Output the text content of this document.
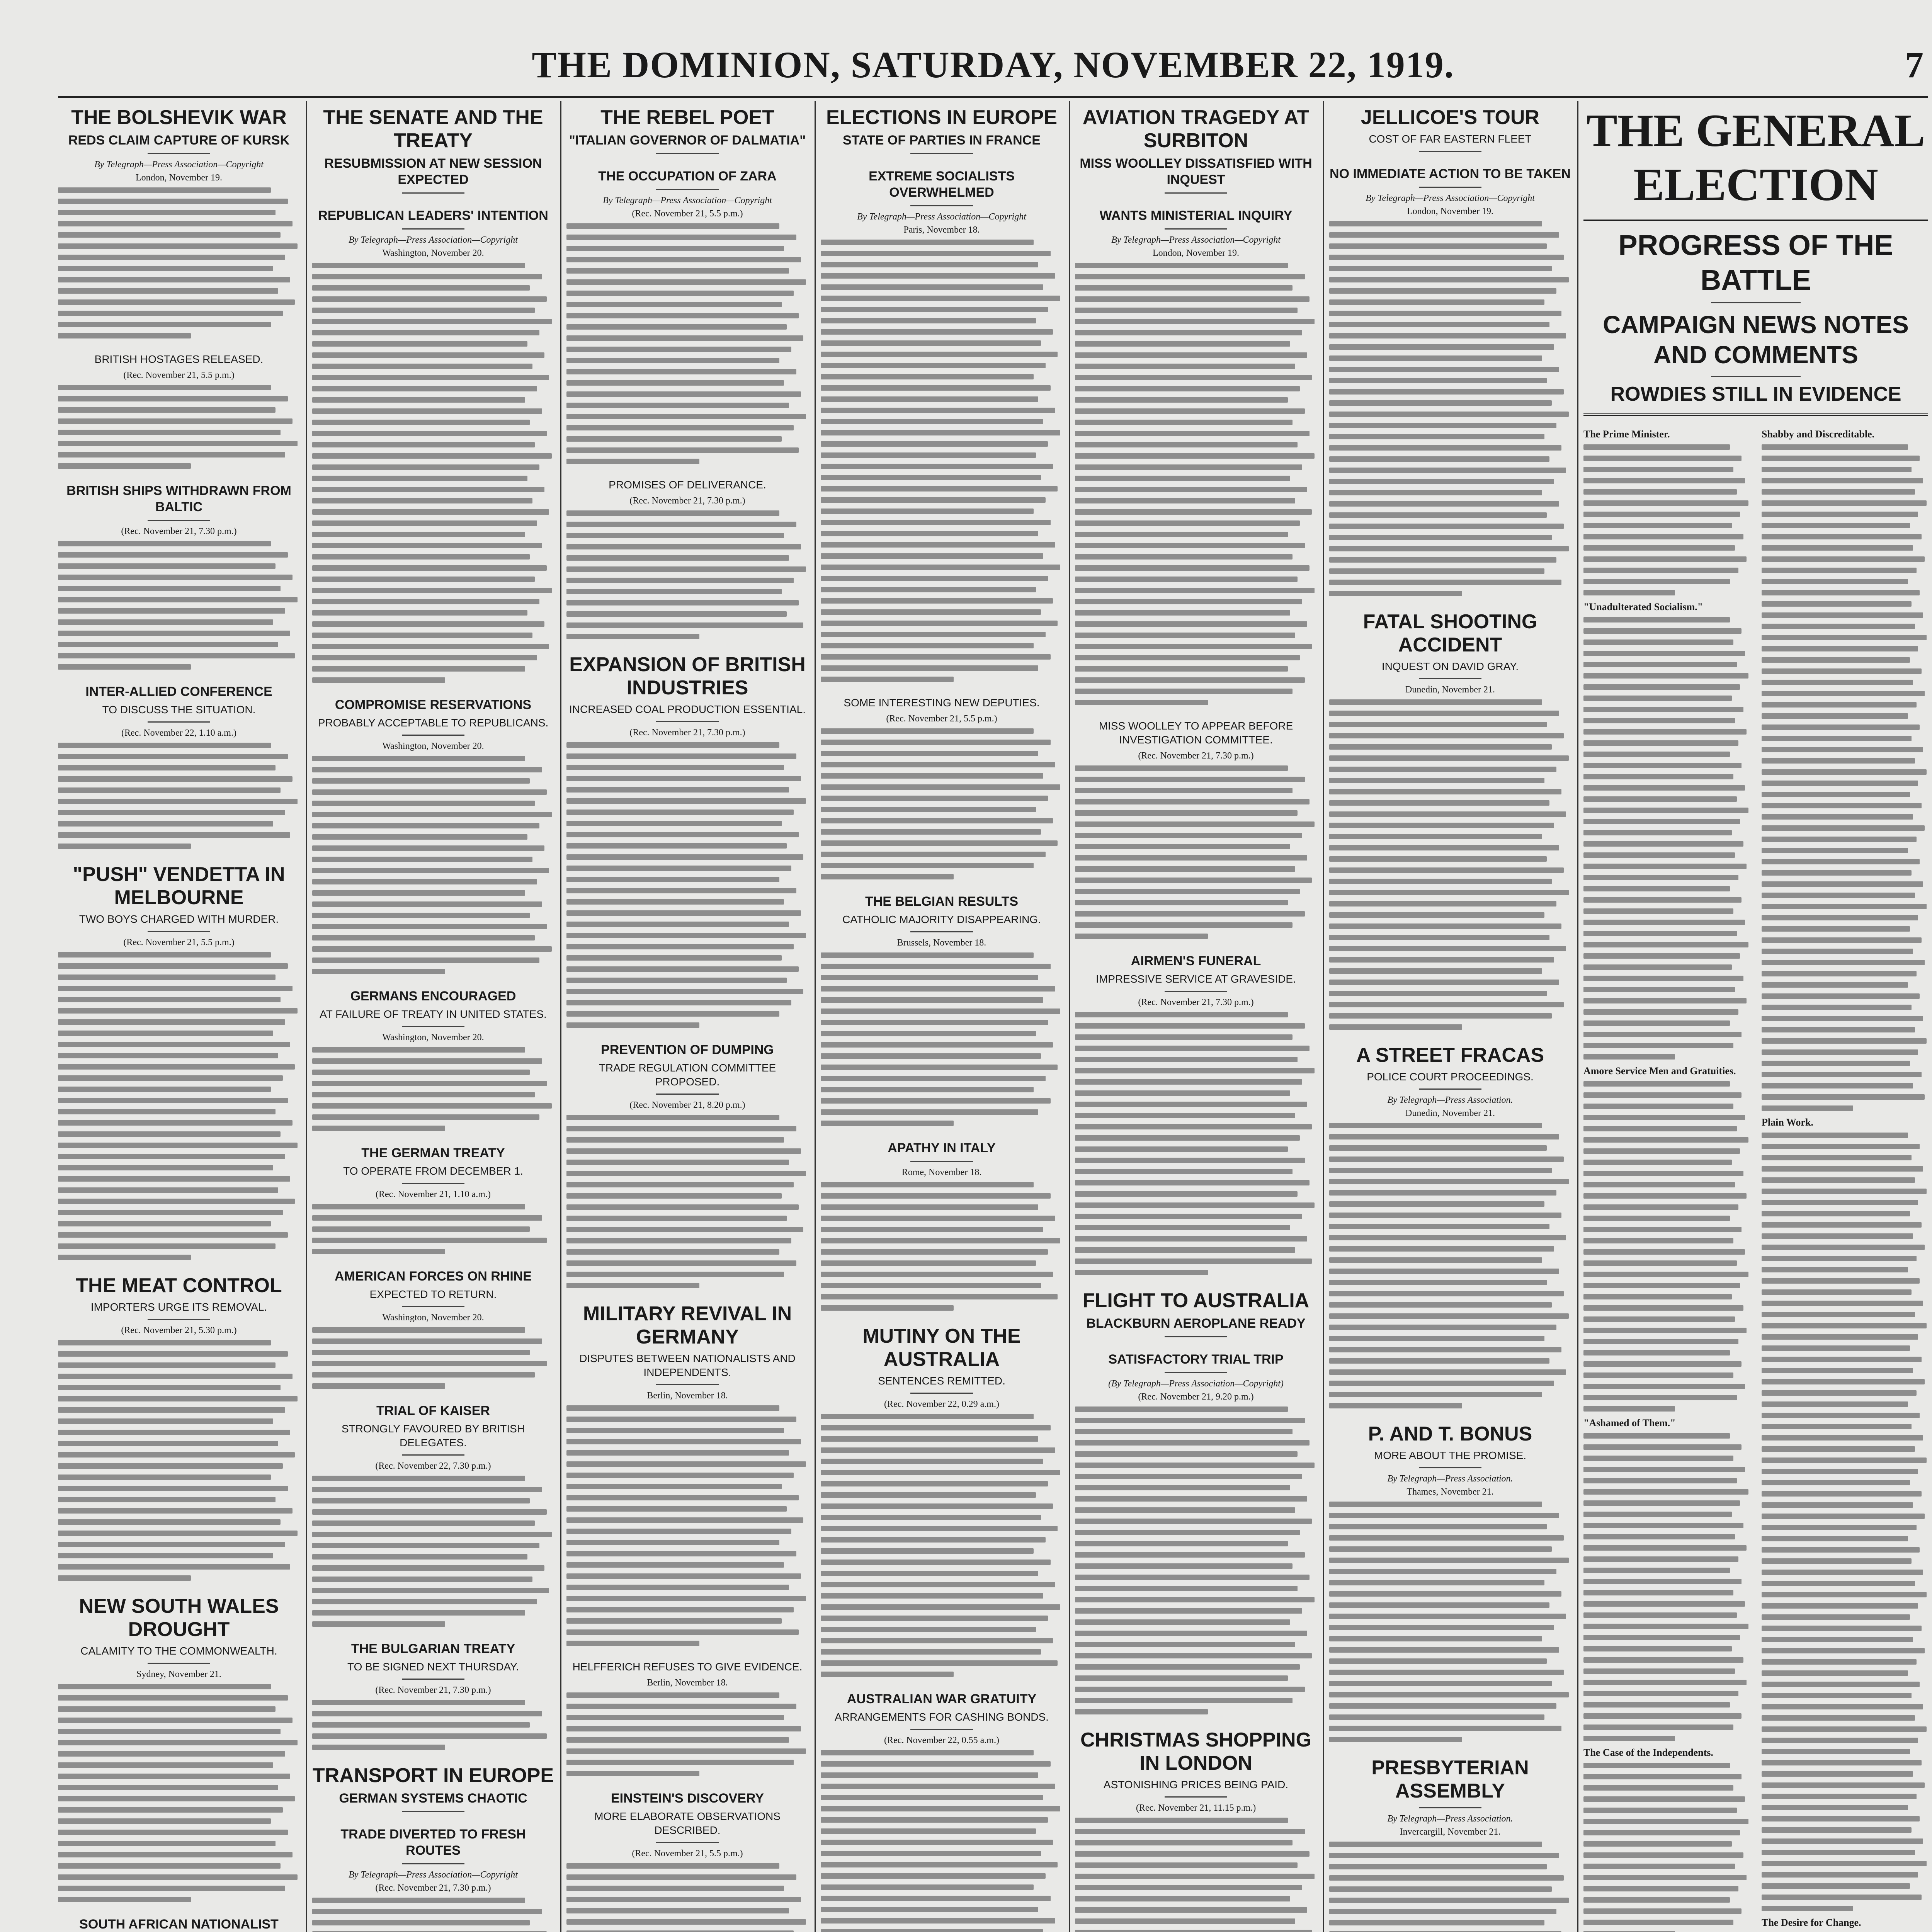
THE DOMINION, SATURDAY, NOVEMBER 22, 1919.	7
THE BOLSHEVIK WAR
REDS CLAIM CAPTURE OF KURSK
By Telegraph—Press Association—Copyright
London, November 19.
BRITISH HOSTAGES RELEASED.
(Rec. November 21, 5.5 p.m.)
BRITISH SHIPS WITHDRAWN FROM BALTIC
(Rec. November 21, 7.30 p.m.)
INTER-ALLIED CONFERENCE
TO DISCUSS THE SITUATION.
(Rec. November 22, 1.10 a.m.)
"PUSH" VENDETTA IN MELBOURNE
TWO BOYS CHARGED WITH MURDER.
(Rec. November 21, 5.5 p.m.)
THE MEAT CONTROL
IMPORTERS URGE ITS REMOVAL.
(Rec. November 21, 5.30 p.m.)
NEW SOUTH WALES DROUGHT
CALAMITY TO THE COMMONWEALTH.
Sydney, November 21.
SOUTH AFRICAN NATIONALIST
THE SENATE AND THE TREATY
RESUBMISSION AT NEW SESSION EXPECTED
REPUBLICAN LEADERS' INTENTION
By Telegraph—Press Association—Copyright
Washington, November 20.
COMPROMISE RESERVATIONS
PROBABLY ACCEPTABLE TO REPUBLICANS.
Washington, November 20.
GERMANS ENCOURAGED
AT FAILURE OF TREATY IN UNITED STATES.
Washington, November 20.
THE GERMAN TREATY
TO OPERATE FROM DECEMBER 1.
(Rec. November 21, 1.10 a.m.)
AMERICAN FORCES ON RHINE
EXPECTED TO RETURN.
Washington, November 20.
TRIAL OF KAISER
STRONGLY FAVOURED BY BRITISH DELEGATES.
(Rec. November 22, 7.30 p.m.)
THE BULGARIAN TREATY
TO BE SIGNED NEXT THURSDAY.
(Rec. November 21, 7.30 p.m.)
TRANSPORT IN EUROPE
GERMAN SYSTEMS CHAOTIC
TRADE DIVERTED TO FRESH ROUTES
By Telegraph—Press Association—Copyright
(Rec. November 21, 7.30 p.m.)
THE REBEL POET
"ITALIAN GOVERNOR OF DALMATIA"
THE OCCUPATION OF ZARA
By Telegraph—Press Association—Copyright
(Rec. November 21, 5.5 p.m.)
PROMISES OF DELIVERANCE.
(Rec. November 21, 7.30 p.m.)
EXPANSION OF BRITISH INDUSTRIES
INCREASED COAL PRODUCTION ESSENTIAL.
(Rec. November 21, 7.30 p.m.)
PREVENTION OF DUMPING
TRADE REGULATION COMMITTEE PROPOSED.
(Rec. November 21, 8.20 p.m.)
MILITARY REVIVAL IN GERMANY
DISPUTES BETWEEN NATIONALISTS AND INDEPENDENTS.
Berlin, November 18.
HELFFERICH REFUSES TO GIVE EVIDENCE.
Berlin, November 18.
EINSTEIN'S DISCOVERY
MORE ELABORATE OBSERVATIONS DESCRIBED.
(Rec. November 21, 5.5 p.m.)
ELECTIONS IN EUROPE
STATE OF PARTIES IN FRANCE
EXTREME SOCIALISTS OVERWHELMED
By Telegraph—Press Association—Copyright
Paris, November 18.
SOME INTERESTING NEW DEPUTIES.
(Rec. November 21, 5.5 p.m.)
THE BELGIAN RESULTS
CATHOLIC MAJORITY DISAPPEARING.
Brussels, November 18.
APATHY IN ITALY
Rome, November 18.
MUTINY ON THE AUSTRALIA
SENTENCES REMITTED.
(Rec. November 22, 0.29 a.m.)
AUSTRALIAN WAR GRATUITY
ARRANGEMENTS FOR CASHING BONDS.
(Rec. November 22, 0.55 a.m.)
AVIATION TRAGEDY AT SURBITON
MISS WOOLLEY DISSATISFIED WITH INQUEST
WANTS MINISTERIAL INQUIRY
By Telegraph—Press Association—Copyright
London, November 19.
MISS WOOLLEY TO APPEAR BEFORE INVESTIGATION COMMITTEE.
(Rec. November 21, 7.30 p.m.)
AIRMEN'S FUNERAL
IMPRESSIVE SERVICE AT GRAVESIDE.
(Rec. November 21, 7.30 p.m.)
FLIGHT TO AUSTRALIA
BLACKBURN AEROPLANE READY
SATISFACTORY TRIAL TRIP
(By Telegraph—Press Association—Copyright)
(Rec. November 21, 9.20 p.m.)
CHRISTMAS SHOPPING IN LONDON
ASTONISHING PRICES BEING PAID.
(Rec. November 21, 11.15 p.m.)
JELLICOE'S TOUR
COST OF FAR EASTERN FLEET
NO IMMEDIATE ACTION TO BE TAKEN
By Telegraph—Press Association—Copyright
London, November 19.
FATAL SHOOTING ACCIDENT
INQUEST ON DAVID GRAY.
Dunedin, November 21.
A STREET FRACAS
POLICE COURT PROCEEDINGS.
By Telegraph—Press Association.
Dunedin, November 21.
P. AND T. BONUS
MORE ABOUT THE PROMISE.
By Telegraph—Press Association.
Thames, November 21.
PRESBYTERIAN ASSEMBLY
By Telegraph—Press Association.
Invercargill, November 21.
THE GENERAL ELECTION
PROGRESS OF THE BATTLE
CAMPAIGN NEWS NOTES AND COMMENTS
ROWDIES STILL IN EVIDENCE
The Prime Minister.
"Unadulterated Socialism."
Amore Service Men and Gratuities.
"Ashamed of Them."
The Case of the Independents.
Shabby and Discreditable.
Plain Work.
The Desire for Change.
